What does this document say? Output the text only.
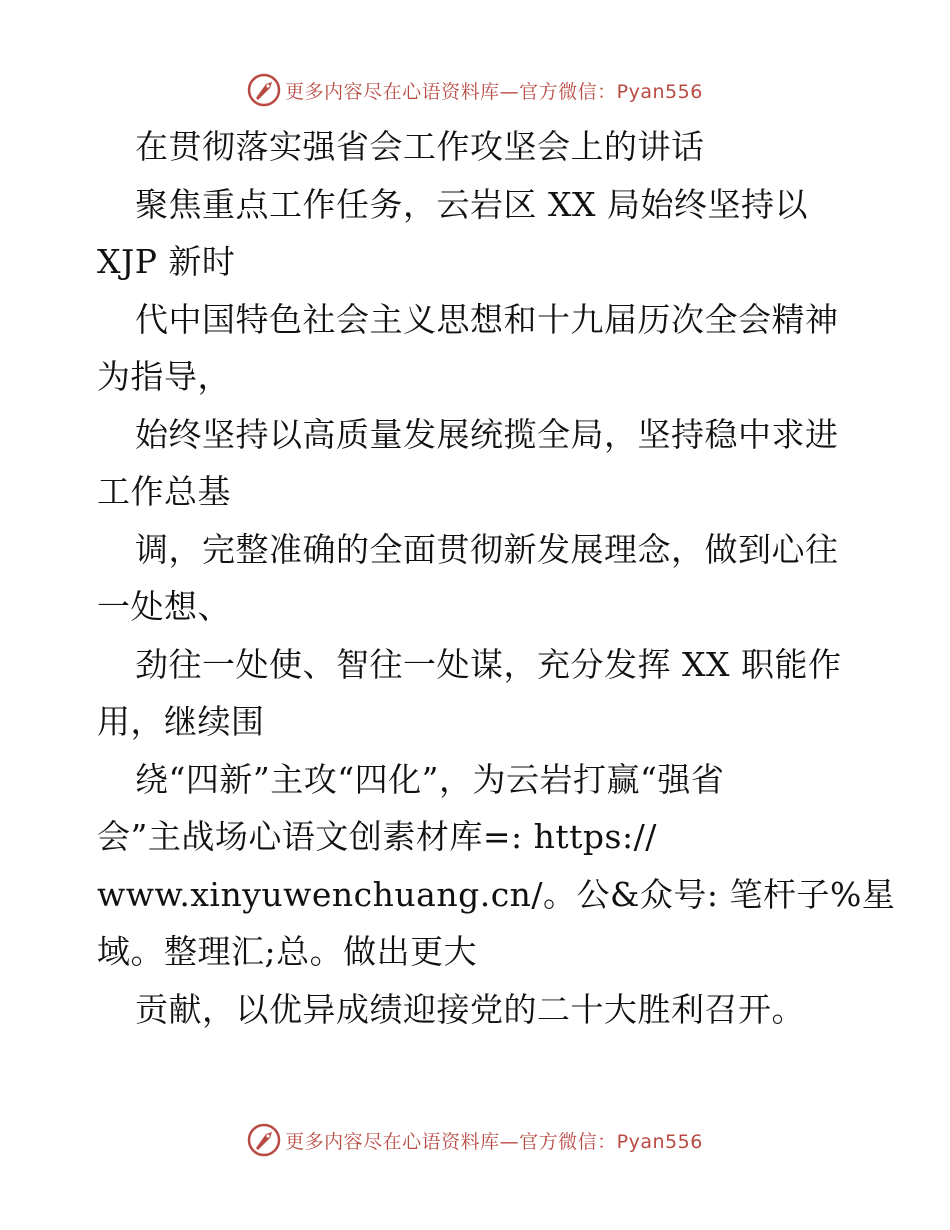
更多内容尽在心语资料库—官方微信：Pyan556
在贯彻落实强省会工作攻坚会上的讲话
聚焦重点工作任务，云岩区 XX 局始终坚持以
XJP 新时
代中国特色社会主义思想和十九届历次全会精神
为指导，
始终坚持以高质量发展统揽全局，坚持稳中求进
工作总基
调，完整准确的全面贯彻新发展理念，做到心往
一处想、
劲往一处使、智往一处谋，充分发挥 XX 职能作
用，继续围
绕“四新”主攻“四化”，为云岩打赢“强省
会”主战场心语文创素材库=: https://
www.xinyuwenchuang.cn/。公&众号: 笔杆子%星
域。整理汇;总。做出更大
贡献，以优异成绩迎接党的二十大胜利召开。
更多内容尽在心语资料库—官方微信：Pyan556
